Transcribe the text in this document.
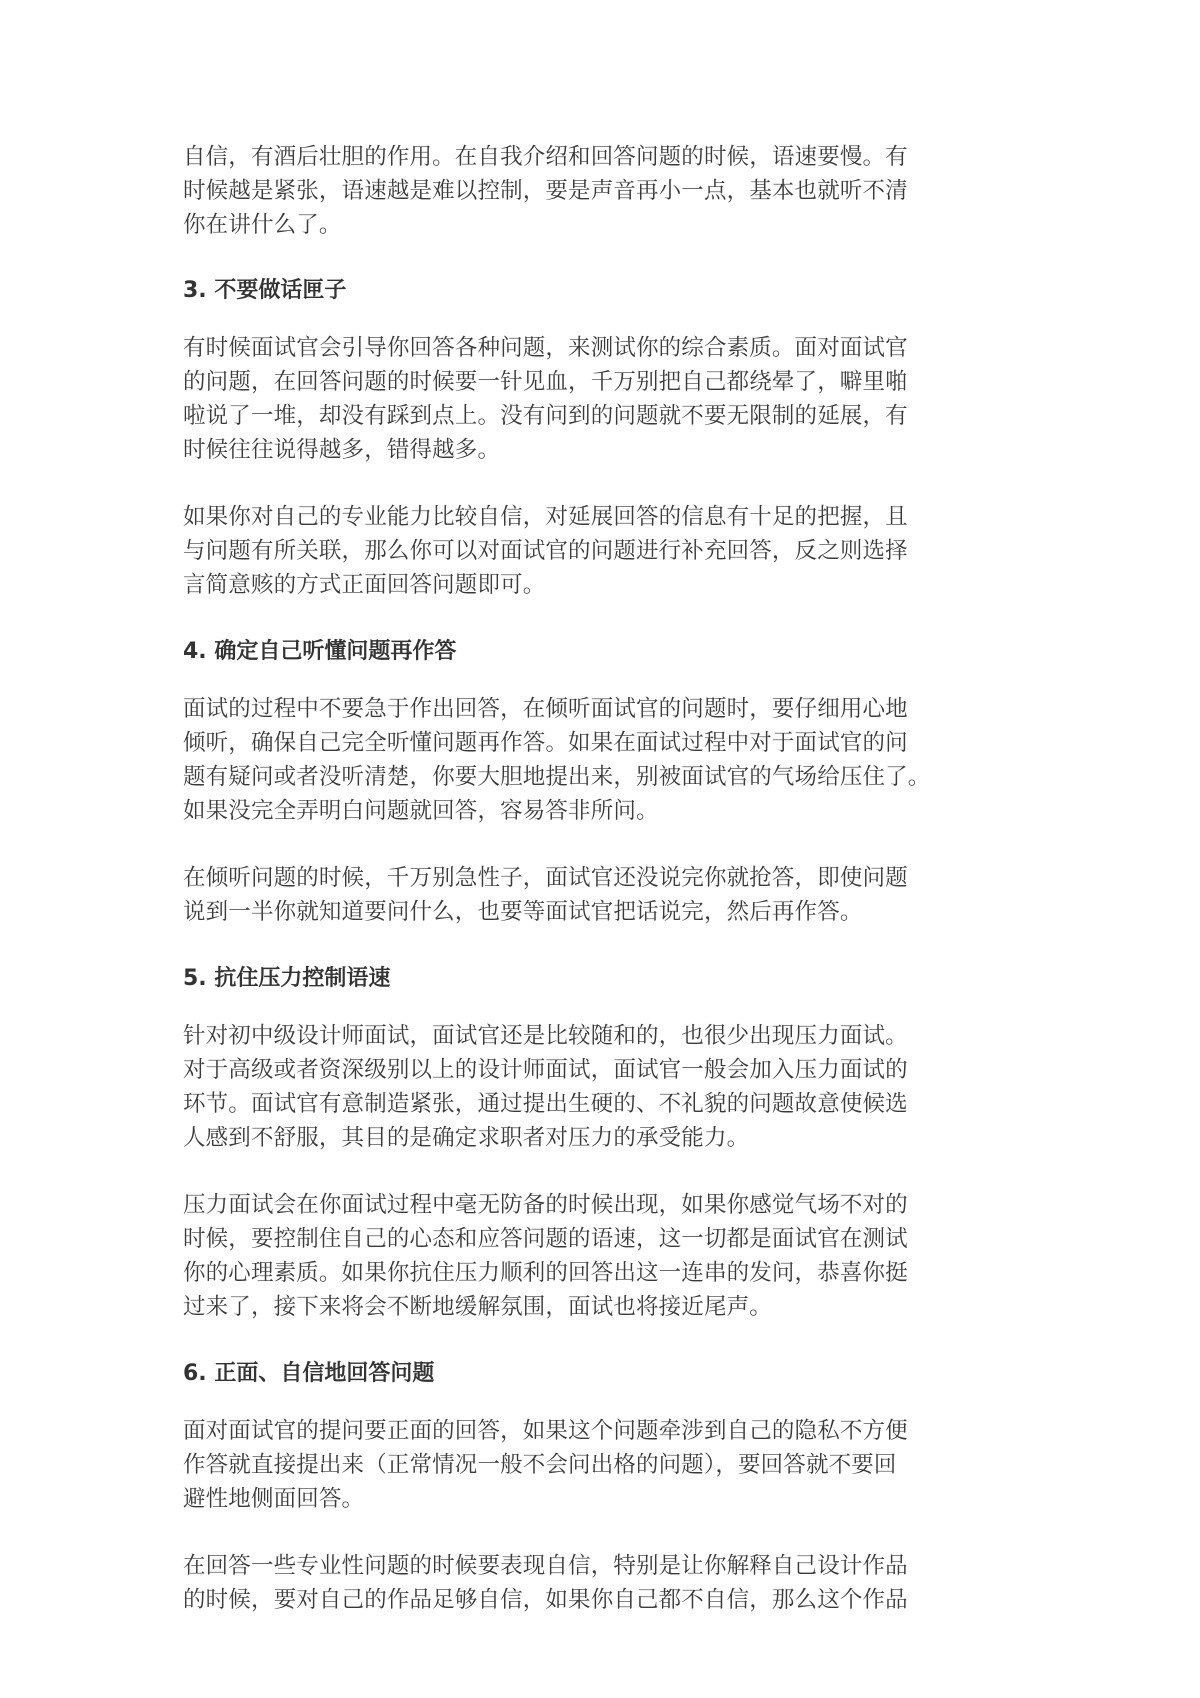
自信，有酒后壮胆的作用。在自我介绍和回答问题的时候，语速要慢。有
时候越是紧张，语速越是难以控制，要是声音再小一点，基本也就听不清
你在讲什么了。

3. 不要做话匣子

有时候面试官会引导你回答各种问题，来测试你的综合素质。面对面试官
的问题，在回答问题的时候要一针见血，千万别把自己都绕晕了，噼里啪
啦说了一堆，却没有踩到点上。没有问到的问题就不要无限制的延展，有
时候往往说得越多，错得越多。

如果你对自己的专业能力比较自信，对延展回答的信息有十足的把握，且
与问题有所关联，那么你可以对面试官的问题进行补充回答，反之则选择
言简意赅的方式正面回答问题即可。

4. 确定自己听懂问题再作答

面试的过程中不要急于作出回答，在倾听面试官的问题时，要仔细用心地
倾听，确保自己完全听懂问题再作答。如果在面试过程中对于面试官的问
题有疑问或者没听清楚，你要大胆地提出来，别被面试官的气场给压住了。
如果没完全弄明白问题就回答，容易答非所问。

在倾听问题的时候，千万别急性子，面试官还没说完你就抢答，即使问题
说到一半你就知道要问什么，也要等面试官把话说完，然后再作答。

5. 抗住压力控制语速

针对初中级设计师面试，面试官还是比较随和的，也很少出现压力面试。
对于高级或者资深级别以上的设计师面试，面试官一般会加入压力面试的
环节。面试官有意制造紧张，通过提出生硬的、不礼貌的问题故意使候选
人感到不舒服，其目的是确定求职者对压力的承受能力。

压力面试会在你面试过程中毫无防备的时候出现，如果你感觉气场不对的
时候，要控制住自己的心态和应答问题的语速，这一切都是面试官在测试
你的心理素质。如果你抗住压力顺利的回答出这一连串的发问，恭喜你挺
过来了，接下来将会不断地缓解氛围，面试也将接近尾声。

6. 正面、自信地回答问题

面对面试官的提问要正面的回答，如果这个问题牵涉到自己的隐私不方便
作答就直接提出来（正常情况一般不会问出格的问题），要回答就不要回
避性地侧面回答。

在回答一些专业性问题的时候要表现自信，特别是让你解释自己设计作品
的时候，要对自己的作品足够自信，如果你自己都不自信，那么这个作品
